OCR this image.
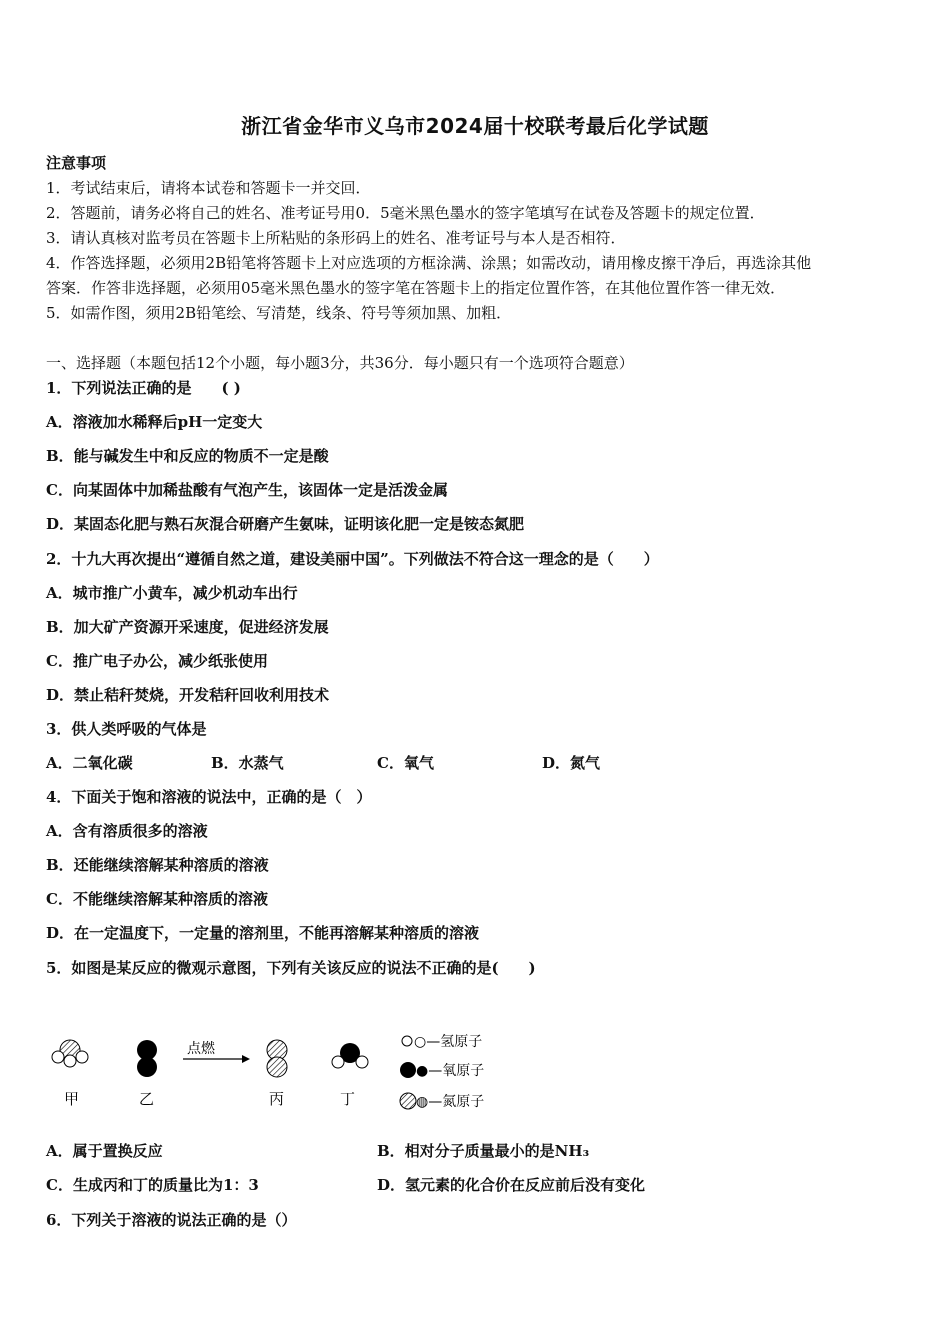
浙江省金华市义乌市2024届十校联考最后化学试题
注意事项
1．考试结束后，请将本试卷和答题卡一并交回．
2．答题前，请务必将自己的姓名、准考证号用0．5毫米黑色墨水的签字笔填写在试卷及答题卡的规定位置．
3．请认真核对监考员在答题卡上所粘贴的条形码上的姓名、准考证号与本人是否相符．
4．作答选择题，必须用2B铅笔将答题卡上对应选项的方框涂满、涂黑；如需改动，请用橡皮擦干净后，再选涂其他
答案．作答非选择题，必须用05毫米黑色墨水的签字笔在答题卡上的指定位置作答，在其他位置作答一律无效．
5．如需作图，须用2B铅笔绘、写清楚，线条、符号等须加黑、加粗．
一、选择题（本题包括12个小题，每小题3分，共36分．每小题只有一个选项符合题意）
1．下列说法正确的是　　( )
A．溶液加水稀释后pH一定变大
B．能与碱发生中和反应的物质不一定是酸
C．向某固体中加稀盐酸有气泡产生，该固体一定是活泼金属
D．某固态化肥与熟石灰混合研磨产生氨味，证明该化肥一定是铵态氮肥
2．十九大再次提出“遵循自然之道，建设美丽中国”。下列做法不符合这一理念的是（　　）
A．城市推广小黄车，减少机动车出行
B．加大矿产资源开采速度，促进经济发展
C．推广电子办公，减少纸张使用
D．禁止秸秆焚烧，开发秸秆回收利用技术
3．供人类呼吸的气体是
A．二氧化碳	B．水蒸气	C．氧气	D．氮气
4．下面关于饱和溶液的说法中，正确的是（　）
A．含有溶质很多的溶液
B．还能继续溶解某种溶质的溶液
C．不能继续溶解某种溶质的溶液
D．在一定温度下，一定量的溶剂里，不能再溶解某种溶质的溶液
5．如图是某反应的微观示意图，下列有关该反应的说法不正确的是(　　)
甲	乙
点燃
丙	丁
○—氢原子
●—氧原子
◍—氮原子
A．属于置换反应	B．相对分子质量最小的是NH₃
C．生成丙和丁的质量比为1：3	D．氢元素的化合价在反应前后没有变化
6．下列关于溶液的说法正确的是（）
